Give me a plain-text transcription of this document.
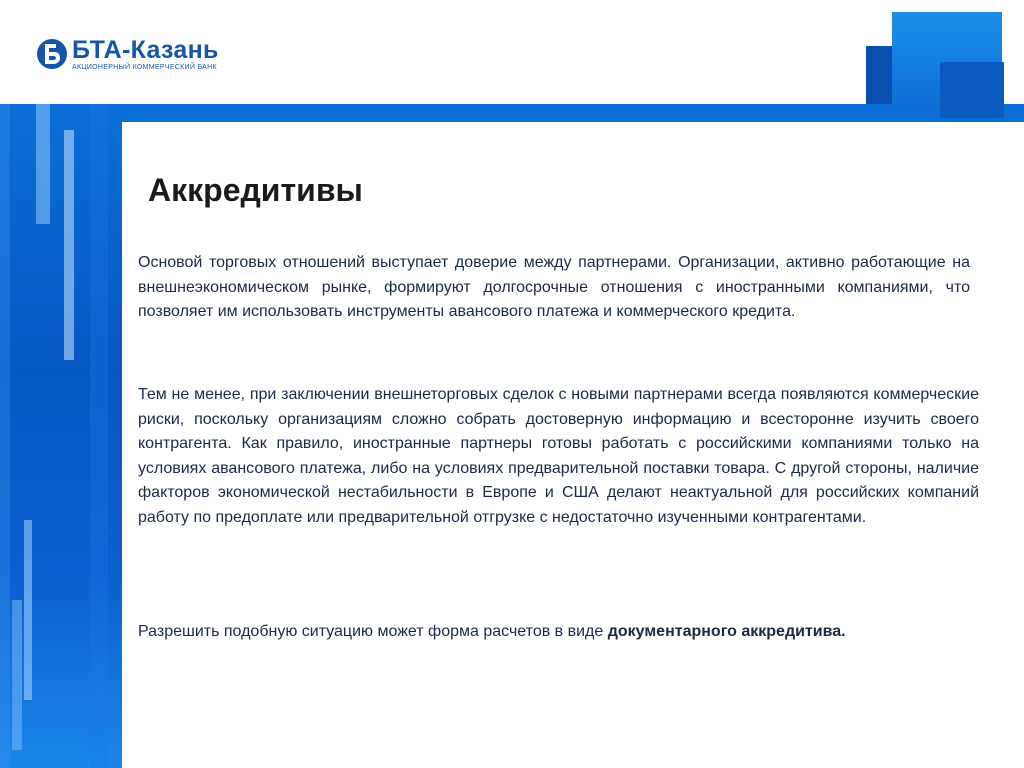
БТА-Казань
АКЦИОНЕРНЫЙ КОММЕРЧЕСКИЙ БАНК
Аккредитивы

Основой торговых отношений выступает доверие между партнерами. Организации, активно работающие на внешнеэкономическом рынке, формируют долгосрочные отношения с иностранными компаниями, что позволяет им использовать инструменты авансового платежа и коммерческого кредита.

Тем не менее, при заключении внешнеторговых сделок с новыми партнерами всегда появляются коммерческие риски, поскольку организациям сложно собрать достоверную информацию и всесторонне изучить своего контрагента. Как правило, иностранные партнеры готовы работать с российскими компаниями только на условиях авансового платежа, либо на условиях предварительной поставки товара. С другой стороны, наличие факторов экономической нестабильности в Европе и США делают неактуальной для российских компаний работу по предоплате или предварительной отгрузке с недостаточно изученными контрагентами.

Разрешить подобную ситуацию может форма расчетов в виде документарного аккредитива.
